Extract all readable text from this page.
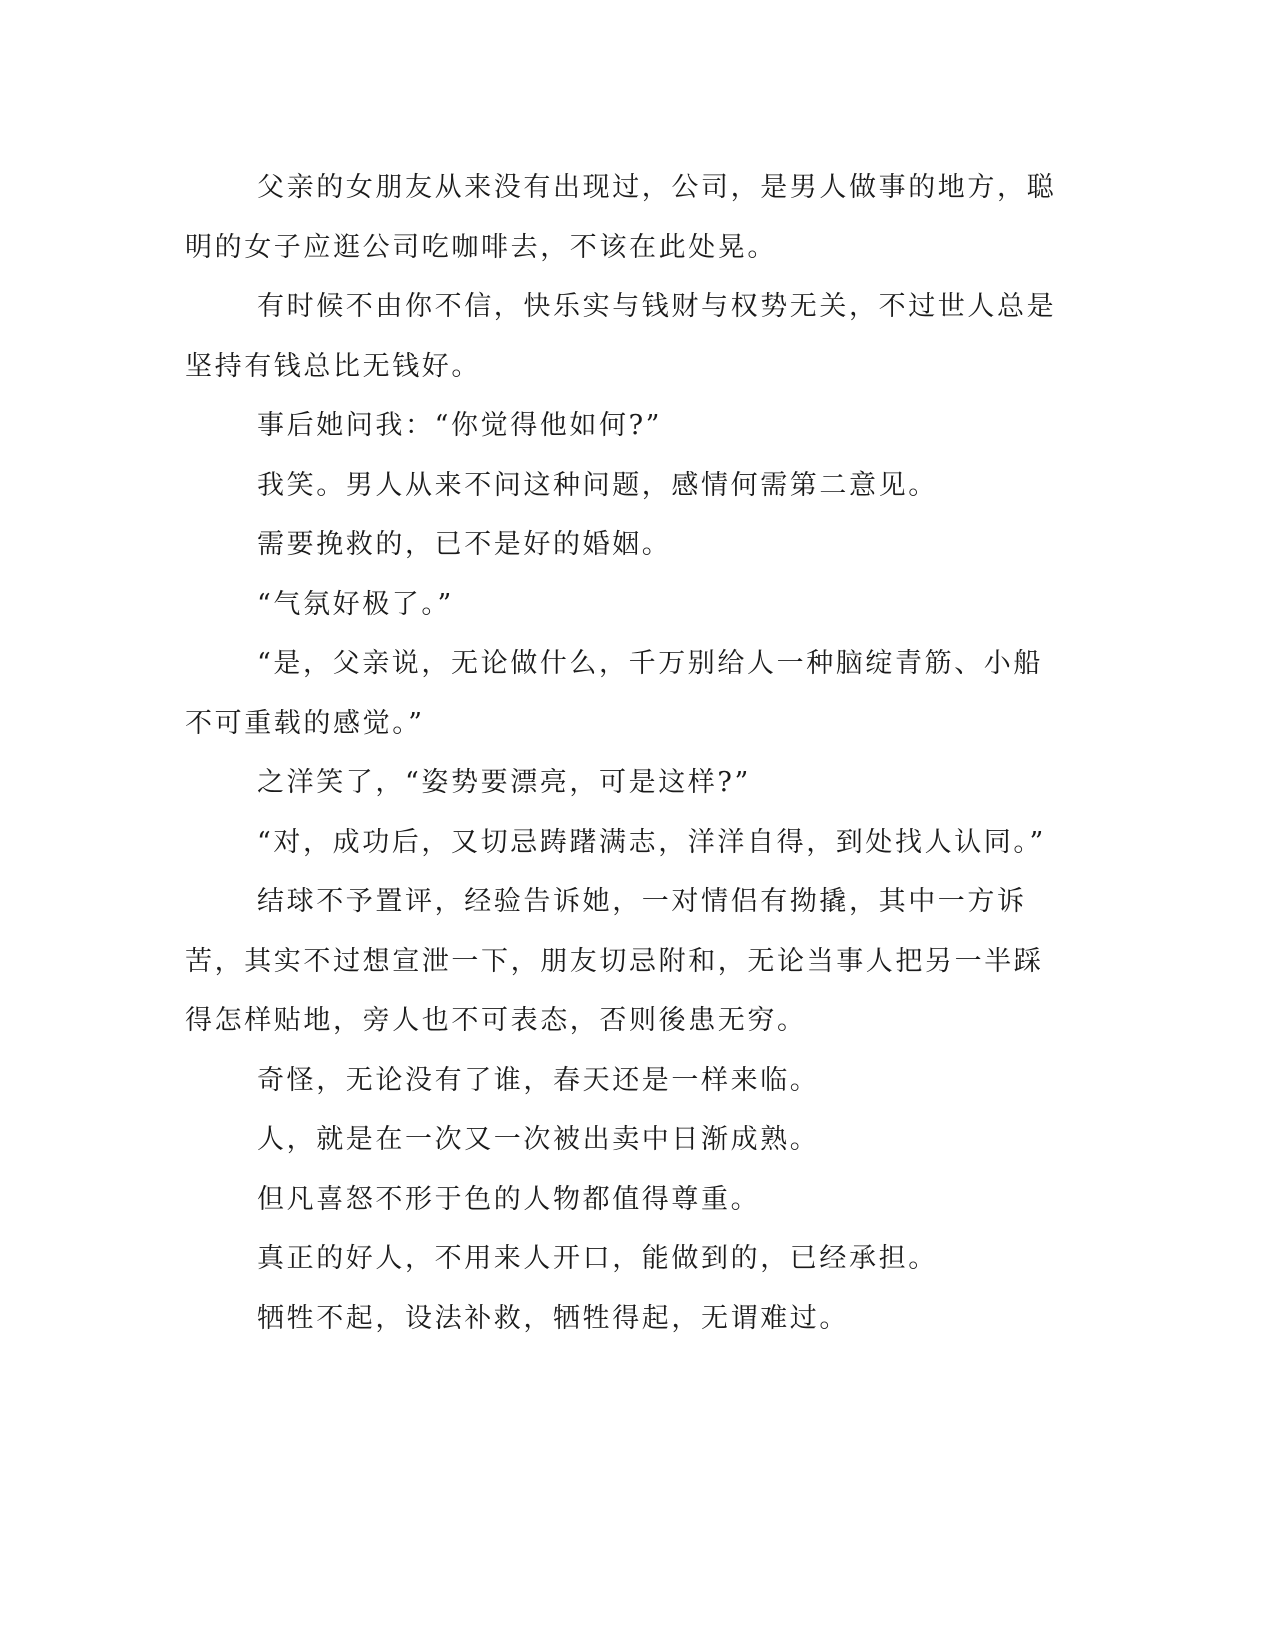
父亲的女朋友从来没有出现过，公司，是男人做事的地方，聪明的女子应逛公司吃咖啡去，不该在此处晃。

有时候不由你不信，快乐实与钱财与权势无关，不过世人总是坚持有钱总比无钱好。

事后她问我：“你觉得他如何?”

我笑。男人从来不问这种问题，感情何需第二意见。

需要挽救的，已不是好的婚姻。

“气氛好极了。”

“是，父亲说，无论做什么，千万别给人一种脑绽青筋、小船不可重载的感觉。”

之洋笑了，“姿势要漂亮，可是这样?”

“对，成功后，又切忌踌躇满志，洋洋自得，到处找人认同。”

结球不予置评，经验告诉她，一对情侣有拗撬，其中一方诉苦，其实不过想宣泄一下，朋友切忌附和，无论当事人把另一半踩得怎样贴地，旁人也不可表态，否则後患无穷。

奇怪，无论没有了谁，春天还是一样来临。

人，就是在一次又一次被出卖中日渐成熟。

但凡喜怒不形于色的人物都值得尊重。

真正的好人，不用来人开口，能做到的，已经承担。

牺牲不起，设法补救，牺牲得起，无谓难过。
